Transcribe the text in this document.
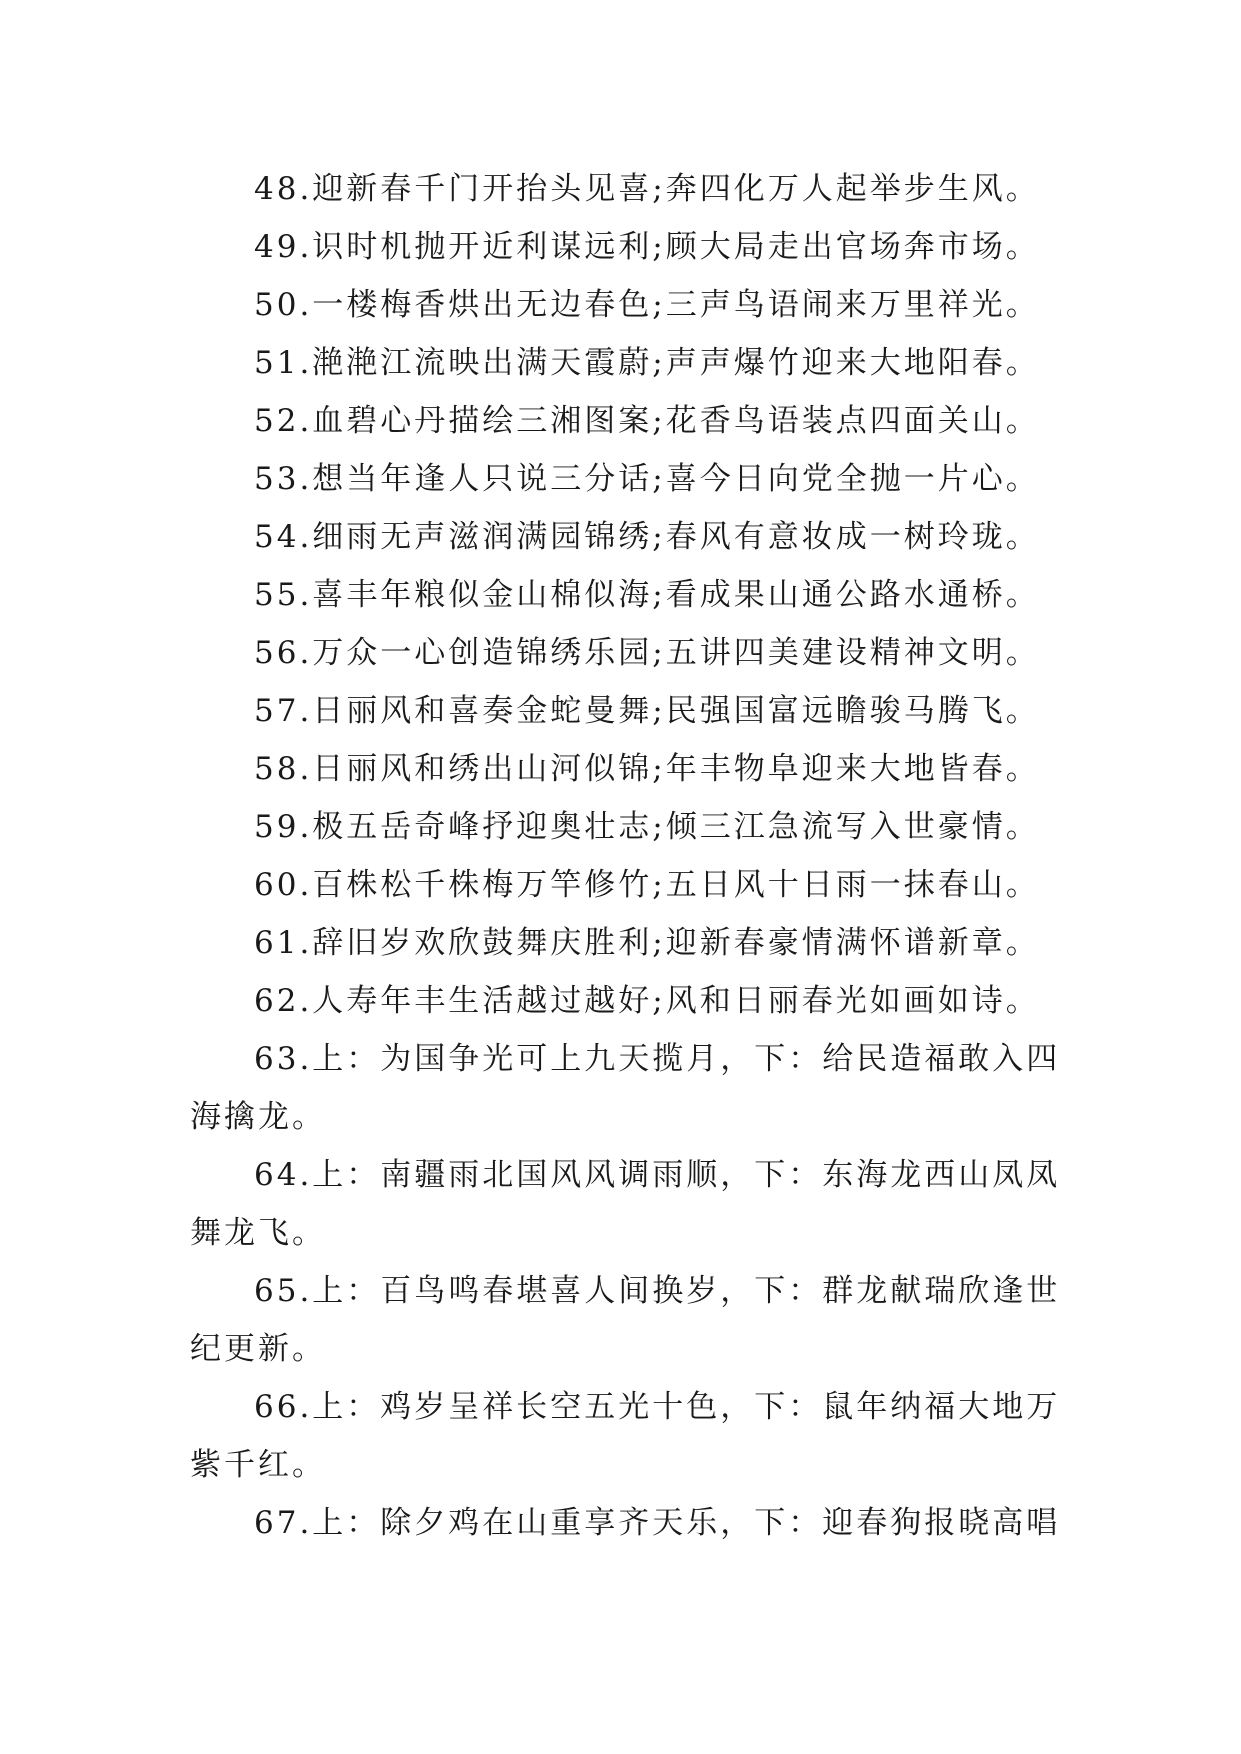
48.迎新春千门开抬头见喜;奔四化万人起举步生风。
49.识时机抛开近利谋远利;顾大局走出官场奔市场。
50.一楼梅香烘出无边春色;三声鸟语闹来万里祥光。
51.滟滟江流映出满天霞蔚;声声爆竹迎来大地阳春。
52.血碧心丹描绘三湘图案;花香鸟语装点四面关山。
53.想当年逢人只说三分话;喜今日向党全抛一片心。
54.细雨无声滋润满园锦绣;春风有意妆成一树玲珑。
55.喜丰年粮似金山棉似海;看成果山通公路水通桥。
56.万众一心创造锦绣乐园;五讲四美建设精神文明。
57.日丽风和喜奏金蛇曼舞;民强国富远瞻骏马腾飞。
58.日丽风和绣出山河似锦;年丰物阜迎来大地皆春。
59.极五岳奇峰抒迎奥壮志;倾三江急流写入世豪情。
60.百株松千株梅万竿修竹;五日风十日雨一抹春山。
61.辞旧岁欢欣鼓舞庆胜利;迎新春豪情满怀谱新章。
62.人寿年丰生活越过越好;风和日丽春光如画如诗。
63.上：为国争光可上九天揽月，下：给民造福敢入四
海擒龙。
64.上：南疆雨北国风风调雨顺，下：东海龙西山凤凤
舞龙飞。
65.上：百鸟鸣春堪喜人间换岁，下：群龙献瑞欣逢世
纪更新。
66.上：鸡岁呈祥长空五光十色，下：鼠年纳福大地万
紫千红。
67.上：除夕鸡在山重享齐天乐，下：迎春狗报晓高唱
